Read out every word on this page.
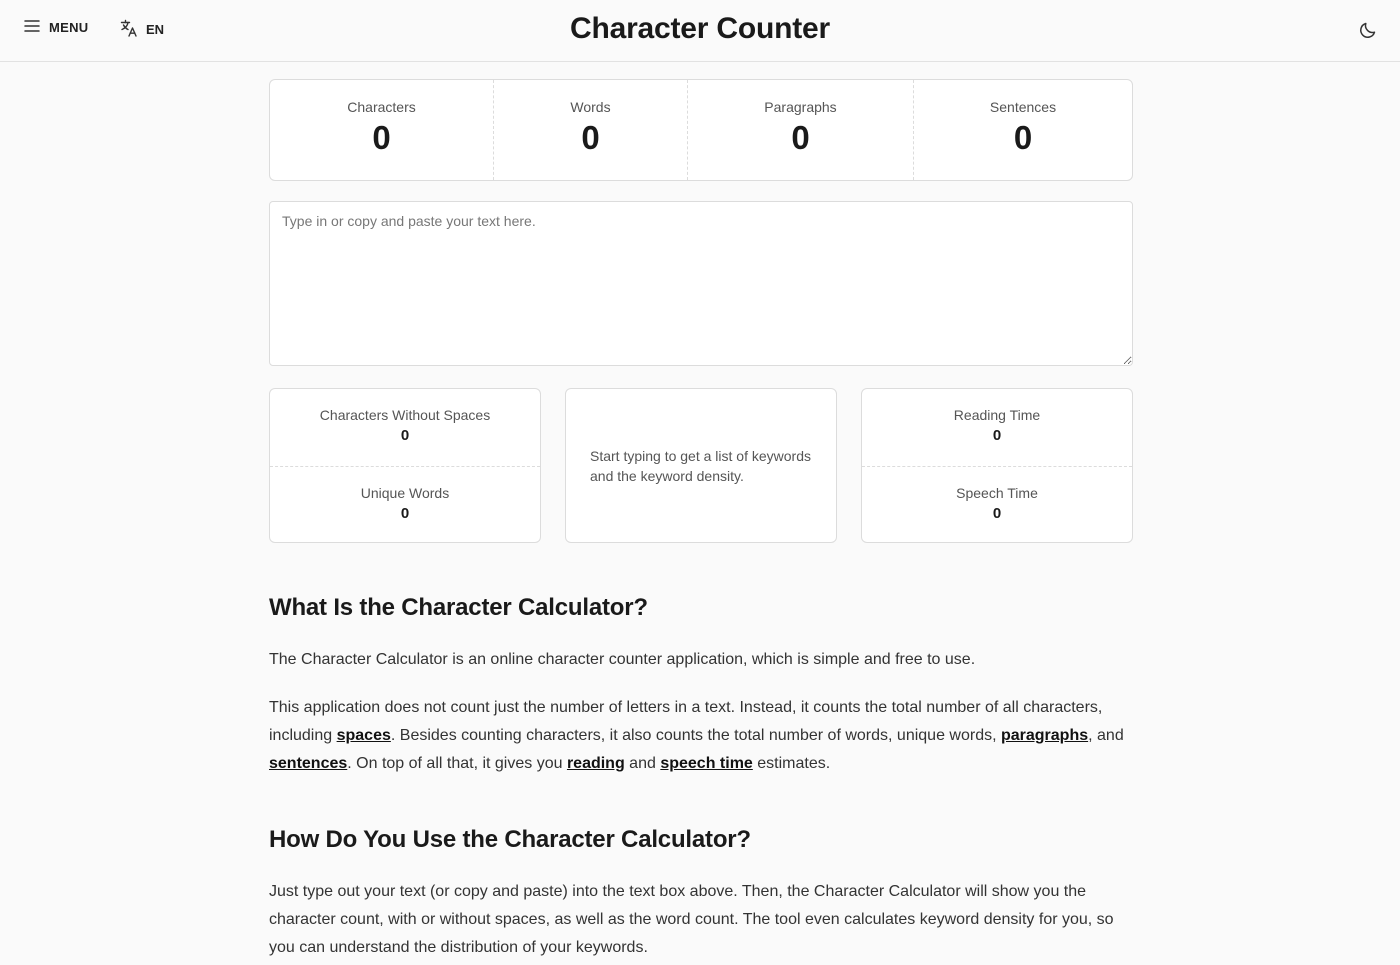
MENU	EN	Character Counter
Characters
0
Words
0
Paragraphs
0
Sentences
0
Type in or copy and paste your text here.
Characters Without Spaces
0
Unique Words
0
Start typing to get a list of keywords and the keyword density.
Reading Time
0
Speech Time
0
What Is the Character Calculator?

The Character Calculator is an online character counter application, which is simple and free to use.

This application does not count just the number of letters in a text. Instead, it counts the total number of all characters, including spaces. Besides counting characters, it also counts the total number of words, unique words, paragraphs, and sentences. On top of all that, it gives you reading and speech time estimates.

How Do You Use the Character Calculator?

Just type out your text (or copy and paste) into the text box above. Then, the Character Calculator will show you the character count, with or without spaces, as well as the word count. The tool even calculates keyword density for you, so you can understand the distribution of your keywords.
